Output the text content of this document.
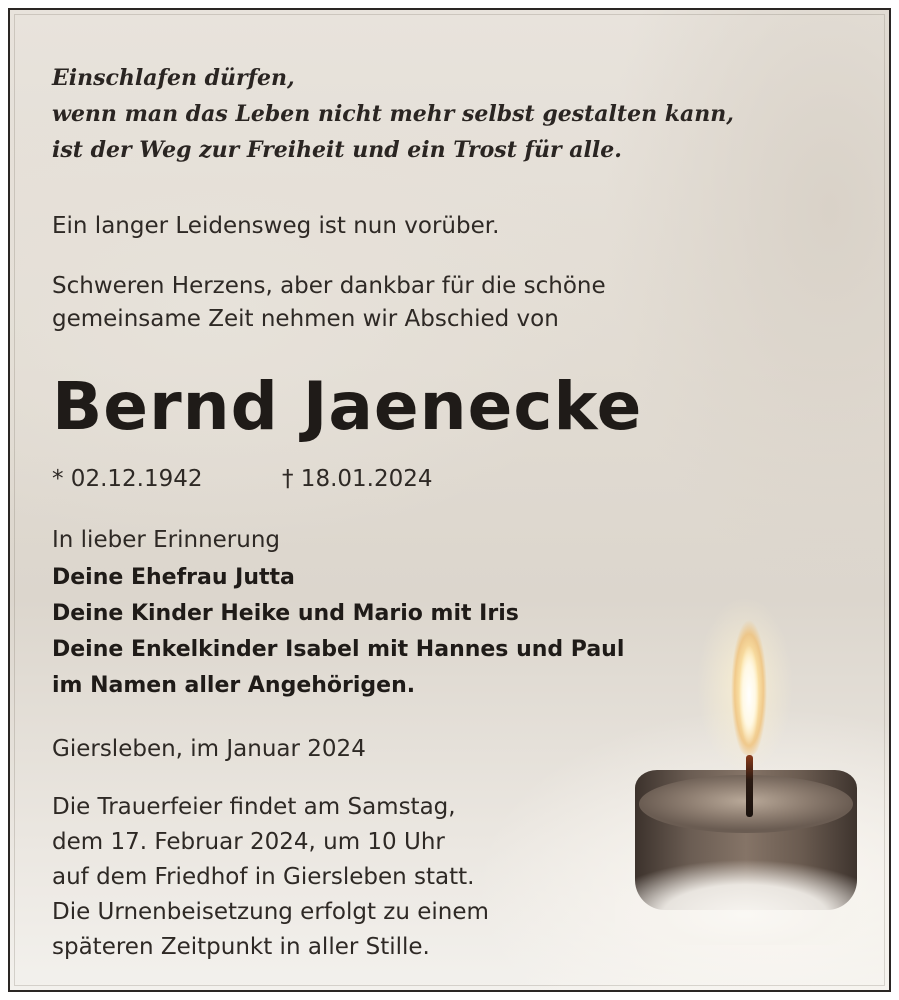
Einschlafen dürfen,
wenn man das Leben nicht mehr selbst gestalten kann,
ist der Weg zur Freiheit und ein Trost für alle.

Ein langer Leidensweg ist nun vorüber.

Schweren Herzens, aber dankbar für die schöne
gemeinsame Zeit nehmen wir Abschied von

Bernd Jaenecke

* 02.12.1942	† 18.01.2024

In lieber Erinnerung

Deine Ehefrau Jutta
Deine Kinder Heike und Mario mit Iris
Deine Enkelkinder Isabel mit Hannes und Paul
im Namen aller Angehörigen.

Giersleben, im Januar 2024

Die Trauerfeier findet am Samstag,
dem 17. Februar 2024, um 10 Uhr
auf dem Friedhof in Giersleben statt.
Die Urnenbeisetzung erfolgt zu einem
späteren Zeitpunkt in aller Stille.
